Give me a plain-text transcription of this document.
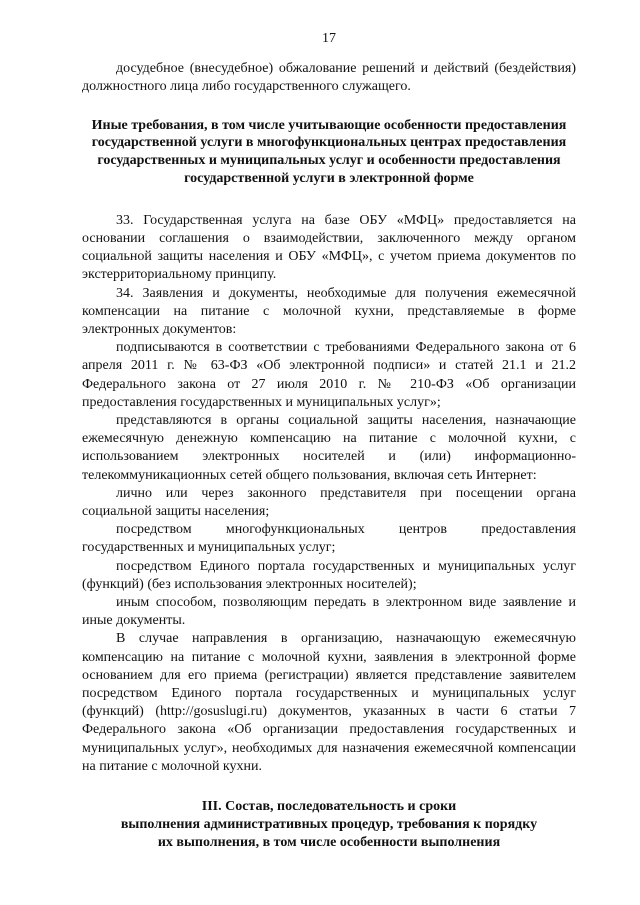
17

досудебное (внесудебное) обжалование решений и действий (бездействия) должностного лица либо государственного служащего.

Иные требования, в том числе учитывающие особенности предоставления государственной услуги в многофункциональных центрах предоставления государственных и муниципальных услуг и особенности предоставления государственной услуги в электронной форме

33. Государственная услуга на базе ОБУ «МФЦ» предоставляется на основании соглашения о взаимодействии, заключенного между органом социальной защиты населения и ОБУ «МФЦ», с учетом приема документов по экстерриториальному принципу.

34. Заявления и документы, необходимые для получения ежемесячной компенсации на питание с молочной кухни, представляемые в форме электронных документов:

подписываются в соответствии с требованиями Федерального закона от 6 апреля 2011 г. № 63-ФЗ «Об электронной подписи» и статей 21.1 и 21.2 Федерального закона от 27 июля 2010 г. № 210-ФЗ «Об организации предоставления государственных и муниципальных услуг»;

представляются в органы социальной защиты населения, назначающие ежемесячную денежную компенсацию на питание с молочной кухни, с использованием электронных носителей и (или) информационно-телекоммуникационных сетей общего пользования, включая сеть Интернет:

лично или через законного представителя при посещении органа социальной защиты населения;

посредством многофункциональных центров предоставления государственных и муниципальных услуг;

посредством Единого портала государственных и муниципальных услуг (функций) (без использования электронных носителей);

иным способом, позволяющим передать в электронном виде заявление и иные документы.

В случае направления в организацию, назначающую ежемесячную компенсацию на питание с молочной кухни, заявления в электронной форме основанием для его приема (регистрации) является представление заявителем посредством Единого портала государственных и муниципальных услуг (функций) (http://gosuslugi.ru) документов, указанных в части 6 статьи 7 Федерального закона «Об организации предоставления государственных и муниципальных услуг», необходимых для назначения ежемесячной компенсации на питание с молочной кухни.

III. Состав, последовательность и сроки
выполнения административных процедур, требования к порядку
их выполнения, в том числе особенности выполнения
